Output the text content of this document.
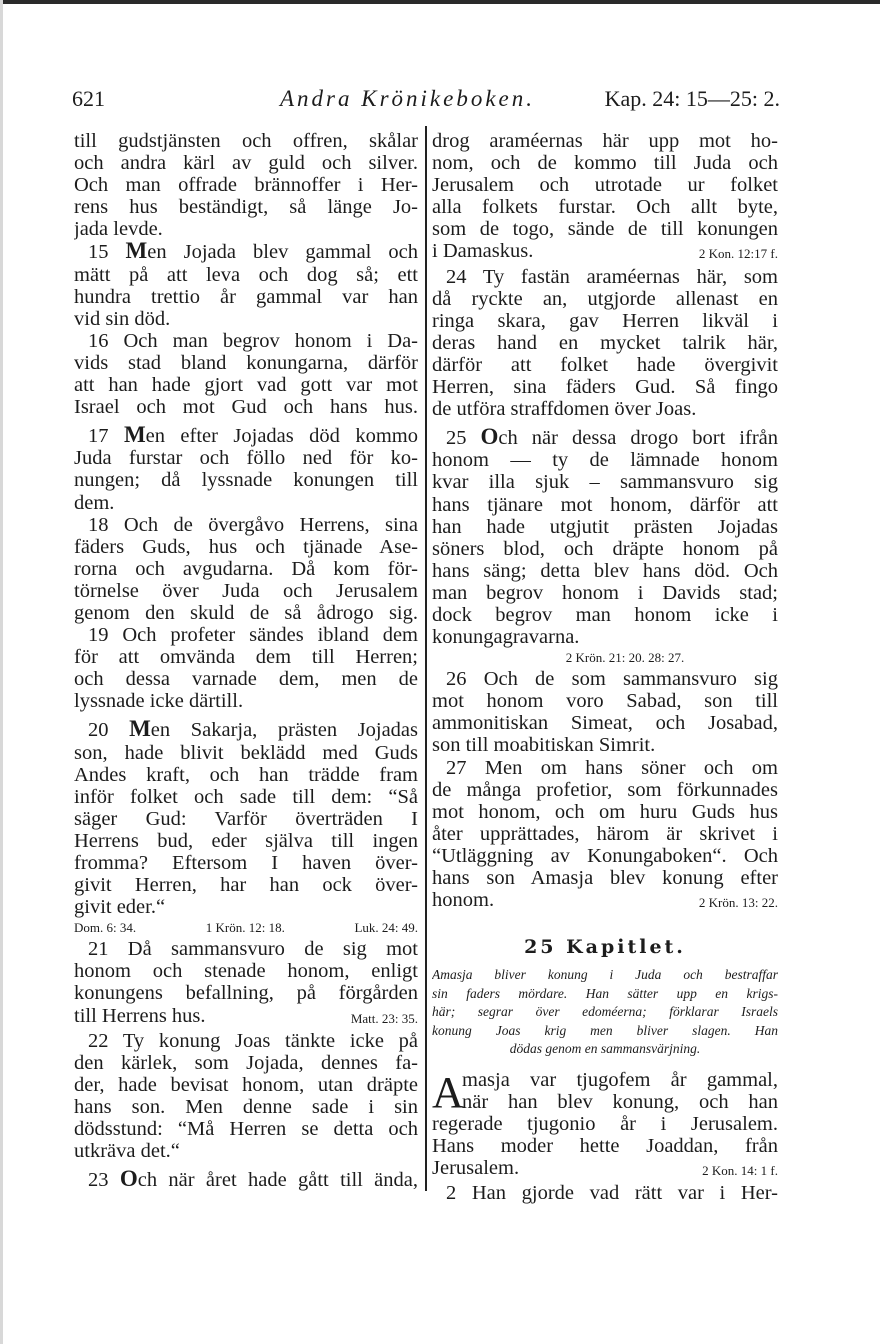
621	Andra Krönikeboken.	Kap. 24: 15—25: 2.
till gudstjänsten och offren, skålar
och andra kärl av guld och silver.
Och man offrade brännoffer i Her-
rens hus beständigt, så länge Jo-
jada levde.
15 Men Jojada blev gammal och
mätt på att leva och dog så; ett
hundra trettio år gammal var han
vid sin död.
16 Och man begrov honom i Da-
vids stad bland konungarna, därför
att han hade gjort vad gott var mot
Israel och mot Gud och hans hus.
17 Men efter Jojadas död kommo
Juda furstar och föllo ned för ko-
nungen; då lyssnade konungen till
dem.
18 Och de övergåvo Herrens, sina
fäders Guds, hus och tjänade Ase-
rorna och avgudarna. Då kom för-
törnelse över Juda och Jerusalem
genom den skuld de så ådrogo sig.
19 Och profeter sändes ibland dem
för att omvända dem till Herren;
och dessa varnade dem, men de
lyssnade icke därtill.
20 Men Sakarja, prästen Jojadas
son, hade blivit beklädd med Guds
Andes kraft, och han trädde fram
inför folket och sade till dem: “Så
säger Gud: Varför överträden I
Herrens bud, eder själva till ingen
fromma? Eftersom I haven över-
givit Herren, har han ock över-
givit eder.“
Dom. 6: 34.	1 Krön. 12: 18.	Luk. 24: 49.
21 Då sammansvuro de sig mot
honom och stenade honom, enligt
konungens befallning, på förgården
till Herrens hus.	Matt. 23: 35.
22 Ty konung Joas tänkte icke på
den kärlek, som Jojada, dennes fa-
der, hade bevisat honom, utan dräpte
hans son. Men denne sade i sin
dödsstund: “Må Herren se detta och
utkräva det.“
23 Och när året hade gått till ända,
drog araméernas här upp mot ho-
nom, och de kommo till Juda och
Jerusalem och utrotade ur folket
alla folkets furstar. Och allt byte,
som de togo, sände de till konungen
i Damaskus.	2 Kon. 12:17 f.
24 Ty fastän araméernas här, som
då ryckte an, utgjorde allenast en
ringa skara, gav Herren likväl i
deras hand en mycket talrik här,
därför att folket hade övergivit
Herren, sina fäders Gud. Så fingo
de utföra straffdomen över Joas.
25 Och när dessa drogo bort ifrån
honom — ty de lämnade honom
kvar illa sjuk – sammansvuro sig
hans tjänare mot honom, därför att
han hade utgjutit prästen Jojadas
söners blod, och dräpte honom på
hans säng; detta blev hans död. Och
man begrov honom i Davids stad;
dock begrov man honom icke i
konungagravarna.
2 Krön. 21: 20. 28: 27.
26 Och de som sammansvuro sig
mot honom voro Sabad, son till
ammonitiskan Simeat, och Josabad,
son till moabitiskan Simrit.
27 Men om hans söner och om
de många profetior, som förkunnades
mot honom, och om huru Guds hus
åter upprättades, härom är skrivet i
“Utläggning av Konungaboken“. Och
hans son Amasja blev konung efter
honom.	2 Krön. 13: 22.
25 Kapitlet.
Amasja bliver konung i Juda och bestraffar
sin faders mördare. Han sätter upp en krigs-
här; segrar över edoméerna; förklarar Israels
konung Joas krig men bliver slagen. Han
dödas genom en sammansvärjning.
A
masja var tjugofem år gammal,
när han blev konung, och han
regerade tjugonio år i Jerusalem.
Hans moder hette Joaddan, från
Jerusalem.	2 Kon. 14: 1 f.
2 Han gjorde vad rätt var i Her-
